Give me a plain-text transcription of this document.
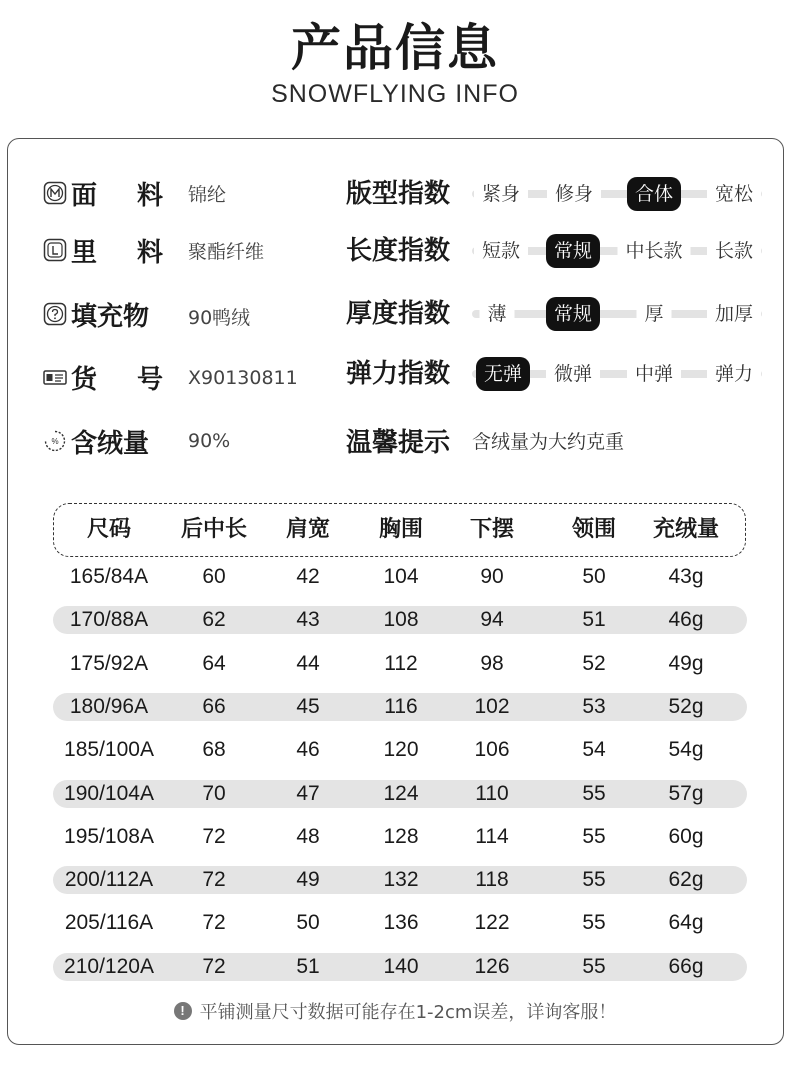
产品信息
SNOWFLYING INFO
面 料 锦纶
里 料 聚酯纤维
填充物 90鸭绒
货 号 X90130811
% 含绒量 90%
版型指数	紧身	修身	合体	宽松
长度指数	短款	常规	中长款	长款
厚度指数	薄	常规	厚	加厚
弹力指数	无弹	微弹	中弹	弹力
温馨提示 含绒量为大约克重
尺码 后中长 肩宽 胸围 下摆	领围 充绒量
165/84A	60	42	104	90	50	43g
170/88A	62	43	108	94	51	46g
175/92A	64	44	112	98	52	49g
180/96A	66	45	116	102	53	52g
185/100A 68	46	120	106	54	54g
190/104A 70	47	124	110	55	57g
195/108A 72	48	128	114	55	60g
200/112A 72	49	132	118	55	62g
205/116A 72	50	136	122	55	64g
210/120A 72	51	140	126	55	66g
! 平铺测量尺寸数据可能存在1-2cm误差，详询客服！
